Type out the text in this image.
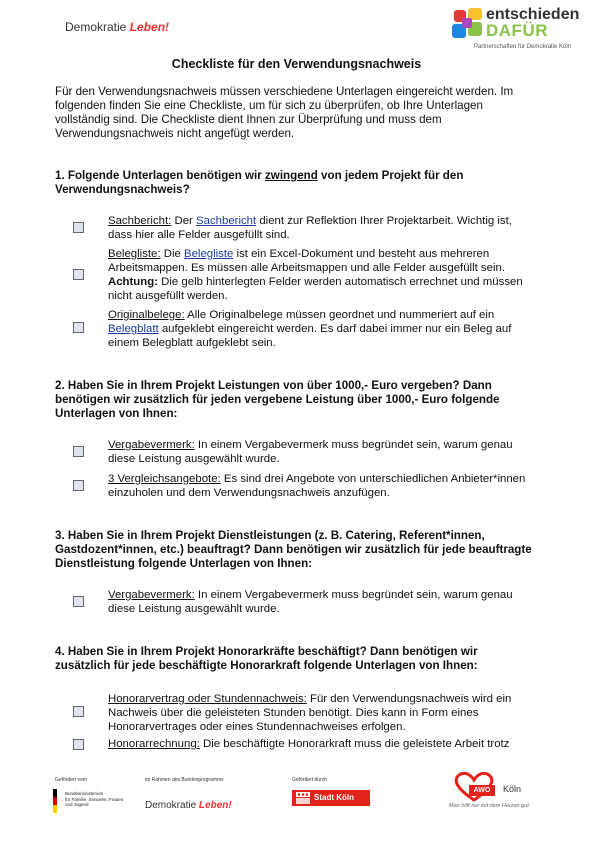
Demokratie Leben!
entschieden
DAFÜR
Partnerschaften für Demokratie Köln
Checkliste für den Verwendungsnachweis
Für den Verwendungsnachweis müssen verschiedene Unterlagen eingereicht werden. Im folgenden finden Sie eine Checkliste, um für sich zu überprüfen, ob Ihre Unterlagen vollständig sind. Die Checkliste dient Ihnen zur Überprüfung und muss dem Verwendungsnachweis nicht angefügt werden.
1. Folgende Unterlagen benötigen wir zwingend von jedem Projekt für den Verwendungsnachweis?
Sachbericht: Der Sachbericht dient zur Reflektion Ihrer Projektarbeit. Wichtig ist, dass hier alle Felder ausgefüllt sind.
Belegliste: Die Belegliste ist ein Excel-Dokument und besteht aus mehreren Arbeitsmappen. Es müssen alle Arbeitsmappen und alle Felder ausgefüllt sein.
Achtung: Die gelb hinterlegten Felder werden automatisch errechnet und müssen nicht ausgefüllt werden.
Originalbelege: Alle Originalbelege müssen geordnet und nummeriert auf ein Belegblatt aufgeklebt eingereicht werden. Es darf dabei immer nur ein Beleg auf einem Belegblatt aufgeklebt sein.
2. Haben Sie in Ihrem Projekt Leistungen von über 1000,- Euro vergeben? Dann benötigen wir zusätzlich für jeden vergebene Leistung über 1000,- Euro folgende Unterlagen von Ihnen:
Vergabevermerk: In einem Vergabevermerk muss begründet sein, warum genau diese Leistung ausgewählt wurde.
3 Vergleichsangebote: Es sind drei Angebote von unterschiedlichen Anbieter*innen einzuholen und dem Verwendungsnachweis anzufügen.
3. Haben Sie in Ihrem Projekt Dienstleistungen (z. B. Catering, Referent*innen, Gastdozent*innen, etc.) beauftragt? Dann benötigen wir zusätzlich für jede beauftragte Dienstleistung folgende Unterlagen von Ihnen:
Vergabevermerk: In einem Vergabevermerk muss begründet sein, warum genau diese Leistung ausgewählt wurde.
4. Haben Sie in Ihrem Projekt Honorarkräfte beschäftigt? Dann benötigen wir zusätzlich für jede beschäftigte Honorarkraft folgende Unterlagen von Ihnen:
Honorarvertrag oder Stundennachweis: Für den Verwendungsnachweis wird ein Nachweis über die geleisteten Stunden benötigt. Dies kann in Form eines Honorarvertrages oder eines Stundennachweises erfolgen.
Honorarrechnung: Die beschäftigte Honorarkraft muss die geleistete Arbeit trotz
Gefördert vom
Bundesministerium
für Familie, Senioren, Frauen
und Jugend
im Rahmen des Bundesprogramms
Demokratie Leben!
Gefördert durch
Stadt Köln
AWO	Köln
Man hilft nur mit dem Herzen gut.
